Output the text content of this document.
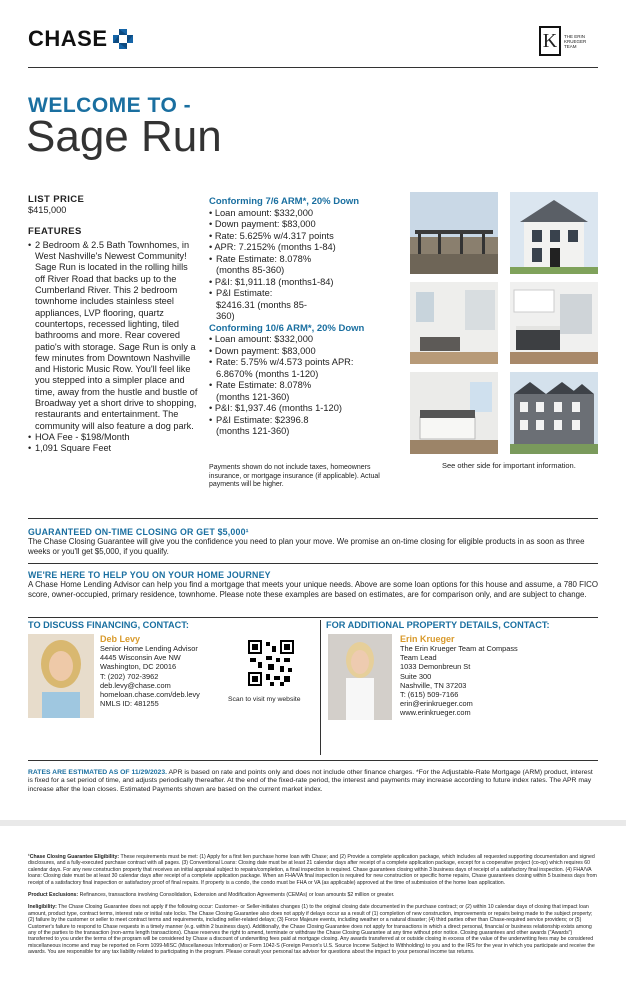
CHASE	K	THE ERIN KRUEGER TEAM
WELCOME TO -
Sage Run
LIST PRICE
$415,000
FEATURES
• 2 Bedroom & 2.5 Bath Townhomes, in West Nashville's Newest Community! Sage Run is located in the rolling hills off River Road that backs up to the Cumberland River. This 2 bedroom townhome includes stainless steel appliances, LVP flooring, quartz countertops, recessed lighting, tiled bathrooms and more. Rear covered patio's with storage. Sage Run is only a few minutes from Downtown Nashville and Historic Music Row. You'll feel like you stepped into a simpler place and time, away from the hustle and bustle of Broadway yet a short drive to shopping, restaurants and entertainment. The community will also feature a dog park.
• HOA Fee - $198/Month
• 1,091 Square Feet
Conforming 7/6 ARM*, 20% Down
• Loan amount: $332,000
• Down payment: $83,000
• Rate: 5.625% w/4.317 points
• APR: 7.2152% (months 1-84)
• Rate Estimate: 8.078% (months 85-360)
• P&I: $1,911.18 (months1-84)
• P&I Estimate: $2416.31 (months 85-360)
Conforming 10/6 ARM*, 20% Down
• Loan amount: $332,000
• Down payment: $83,000
• Rate: 5.75% w/4.573 points APR: 6.8670% (months 1-120)
• Rate Estimate: 8.078% (months 121-360)
• P&I: $1,937.46 (months 1-120)
• P&I Estimate: $2396.8 (months 121-360)
Payments shown do not include taxes, homeowners insurance, or mortgage insurance (if applicable). Actual payments will be higher.
See other side for important information.
GUARANTEED ON-TIME CLOSING OR GET $5,000¹
The Chase Closing Guarantee will give you the confidence you need to plan your move. We promise an on-time closing for eligible products in as soon as three weeks or you'll get $5,000, if you qualify.
WE'RE HERE TO HELP YOU ON YOUR HOME JOURNEY
A Chase Home Lending Advisor can help you find a mortgage that meets your unique needs. Above are some loan options for this house and assume, a 780 FICO score, owner-occupied, primary residence, townhome. Please note these examples are based on estimates, are for comparison only, and are subject to change.
TO DISCUSS FINANCING, CONTACT:
Deb Levy
Senior Home Lending Advisor
4445 Wisconsin Ave NW
Washington, DC 20016
T: (202) 702-3962
deb.levy@chase.com
homeloan.chase.com/deb.levy
NMLS ID: 481255	Scan to visit my website
FOR ADDITIONAL PROPERTY DETAILS, CONTACT:
Erin Krueger
The Erin Krueger Team at Compass
Team Lead
1033 Demonbreun St
Suite 300
Nashville, TN 37203
T: (615) 509-7166
erin@erinkrueger.com
www.erinkrueger.com
RATES ARE ESTIMATED AS OF 11/29/2023. APR is based on rate and points only and does not include other finance charges. *For the Adjustable-Rate Mortgage (ARM) product, interest is fixed for a set period of time, and adjusts periodically thereafter. At the end of the fixed-rate period, the interest and payments may increase according to future index rates. The APR may increase after the loan closes. Estimated Payments shown are based on the current market index.
¹Chase Closing Guarantee Eligibility: These requirements must be met: (1) Apply for a first lien purchase home loan with Chase; and (2) Provide a complete application package, which includes all requested supporting documentation and signed disclosures, and a fully-executed purchase contract with all pages. (3) Conventional Loans: Closing date must be at least 21 calendar days after receipt of a complete application package, except for a cooperative project (co-op) which requires 60 calendar days. For any new construction property that receives an initial appraisal subject to repairs/completion, a final inspection is required. Chase guarantees closing within 3 business days of receipt of a satisfactory final inspection. (4) FHA/VA loans: Closing date must be at least 30 calendar days after receipt of a complete application package. When an FHA/VA final inspection is required for new construction or specific home repairs, Chase guarantees closing within 5 business days from receipt of a satisfactory final inspection or satisfactory proof of final repairs. If property is a condo, the condo must be FHA or VA (as applicable) approved at the time of submission of the home loan application.
Product Exclusions: Refinances, transactions involving Consolidation, Extension and Modification Agreements (CEMAs) or loan amounts $2 million or greater.
Ineligibility: The Chase Closing Guarantee does not apply if the following occur: Customer- or Seller-initiates changes (1) to the original closing date documented in the purchase contract; or (2) within 10 calendar days of closing that impact loan amount, product type, contract terms, interest rate or initial rate locks. The Chase Closing Guarantee also does not apply if delays occur as a result of (1) completion of new construction, improvements or repairs being made to the subject property; (2) failure by the customer or seller to meet contract terms and requirements, including seller-related delays; (3) Force Majeure events, including weather or a natural disaster; (4) third parties other than Chase-required service providers; or (5) Customer's failure to respond to Chase requests in a timely manner (e.g. within 2 business days). Additionally, the Chase Closing Guarantee does not apply for transactions in which a direct personal, financial or business relationship exists among any of the parties to the transaction (non-arms length transactions). Chase reserves the right to amend, terminate or withdraw the Chase Closing Guarantee at any time without prior notice. Closing guarantees and other awards ("Awards") transferred to you under the terms of the program will be considered by Chase a discount of underwriting fees paid at mortgage closing. Any awards transferred at or outside closing in excess of the value of the underwriting fees may be considered miscellaneous income and may be reported on Form 1099-MISC (Miscellaneous Information) or Form 1042-S (Foreign Person's U.S. Source Income Subject to Withholding) to you and to the IRS for the year in which you participate and receive the awards. You are responsible for any tax liability related to participating in the program. Please consult your personal tax advisor for questions about the impact to your personal income tax returns.
